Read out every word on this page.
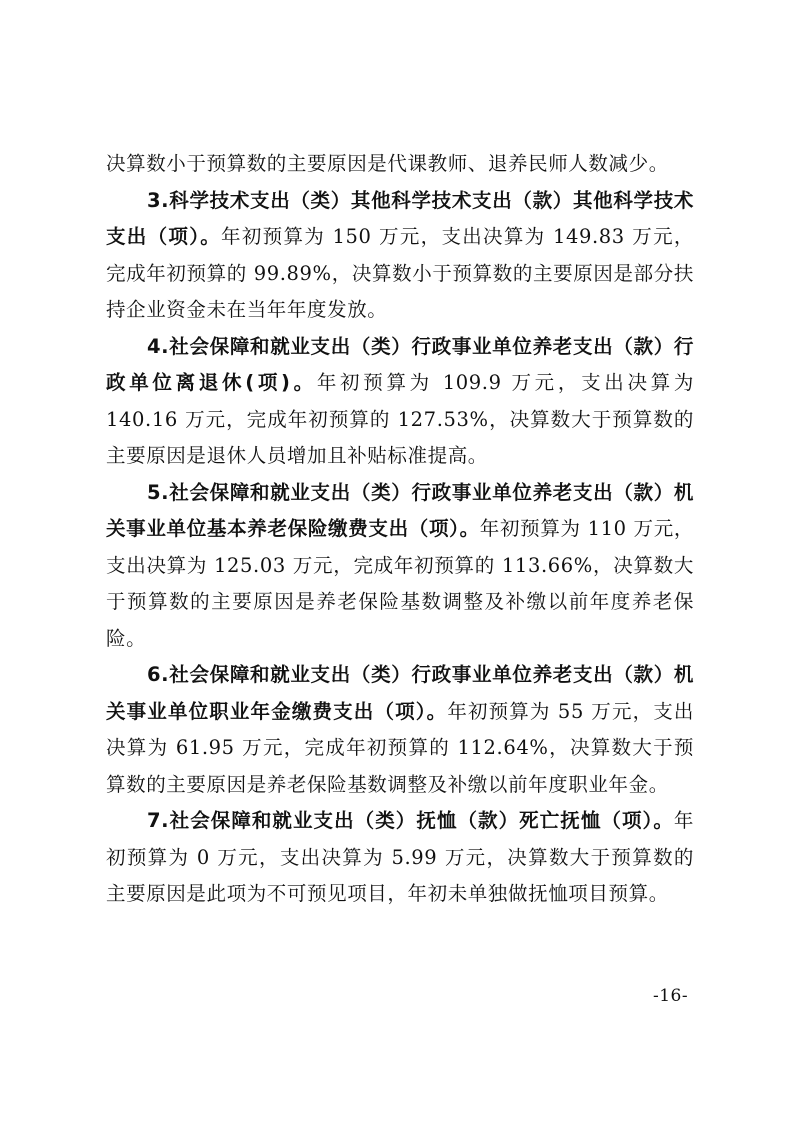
决算数小于预算数的主要原因是代课教师、退养民师人数减少。

3.科学技术支出（类）其他科学技术支出（款）其他科学技术支出（项）。年初预算为 150 万元，支出决算为 149.83 万元，完成年初预算的 99.89%，决算数小于预算数的主要原因是部分扶持企业资金未在当年年度发放。

4.社会保障和就业支出（类）行政事业单位养老支出（款）行政单位离退休(项)。年初预算为 109.9 万元，支出决算为 140.16 万元，完成年初预算的 127.53%，决算数大于预算数的主要原因是退休人员增加且补贴标准提高。

5.社会保障和就业支出（类）行政事业单位养老支出（款）机关事业单位基本养老保险缴费支出（项）。年初预算为 110 万元，支出决算为 125.03 万元，完成年初预算的 113.66%，决算数大于预算数的主要原因是养老保险基数调整及补缴以前年度养老保险。

6.社会保障和就业支出（类）行政事业单位养老支出（款）机关事业单位职业年金缴费支出（项）。年初预算为 55 万元，支出决算为 61.95 万元，完成年初预算的 112.64%，决算数大于预算数的主要原因是养老保险基数调整及补缴以前年度职业年金。

7.社会保障和就业支出（类）抚恤（款）死亡抚恤（项）。年初预算为 0 万元，支出决算为 5.99 万元，决算数大于预算数的主要原因是此项为不可预见项目，年初未单独做抚恤项目预算。

-16-
